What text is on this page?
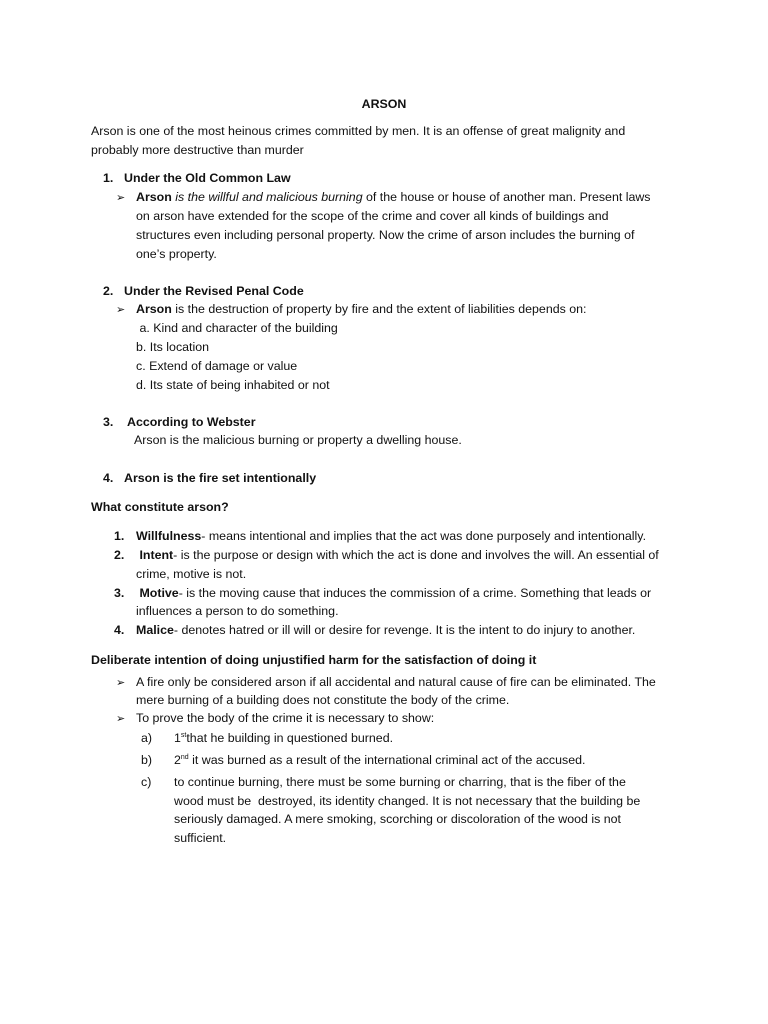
ARSON
Arson is one of the most heinous crimes committed by men. It is an offense of great malignity and
probably more destructive than murder
1. Under the Old Common Law
➢ Arson is the willful and malicious burning of the house or house of another man. Present laws
on arson have extended for the scope of the crime and cover all kinds of buildings and
structures even including personal property. Now the crime of arson includes the burning of
one’s property.
2. Under the Revised Penal Code
➢ Arson is the destruction of property by fire and the extent of liabilities depends on:
a. Kind and character of the building
b. Its location
c. Extend of damage or value
d. Its state of being inhabited or not
3. According to Webster
Arson is the malicious burning or property a dwelling house.
4. Arson is the fire set intentionally
What constitute arson?
1. Willfulness- means intentional and implies that the act was done purposely and intentionally.
2. Intent- is the purpose or design with which the act is done and involves the will. An essential of
crime, motive is not.
3. Motive- is the moving cause that induces the commission of a crime. Something that leads or
influences a person to do something.
4. Malice- denotes hatred or ill will or desire for revenge. It is the intent to do injury to another.
Deliberate intention of doing unjustified harm for the satisfaction of doing it
➢ A fire only be considered arson if all accidental and natural cause of fire can be eliminated. The
mere burning of a building does not constitute the body of the crime.
➢ To prove the body of the crime it is necessary to show:
a) 1stthat he building in questioned burned.
b) 2nd it was burned as a result of the international criminal act of the accused.
c) to continue burning, there must be some burning or charring, that is the fiber of the
wood must be  destroyed, its identity changed. It is not necessary that the building be
seriously damaged. A mere smoking, scorching or discoloration of the wood is not
sufficient.
